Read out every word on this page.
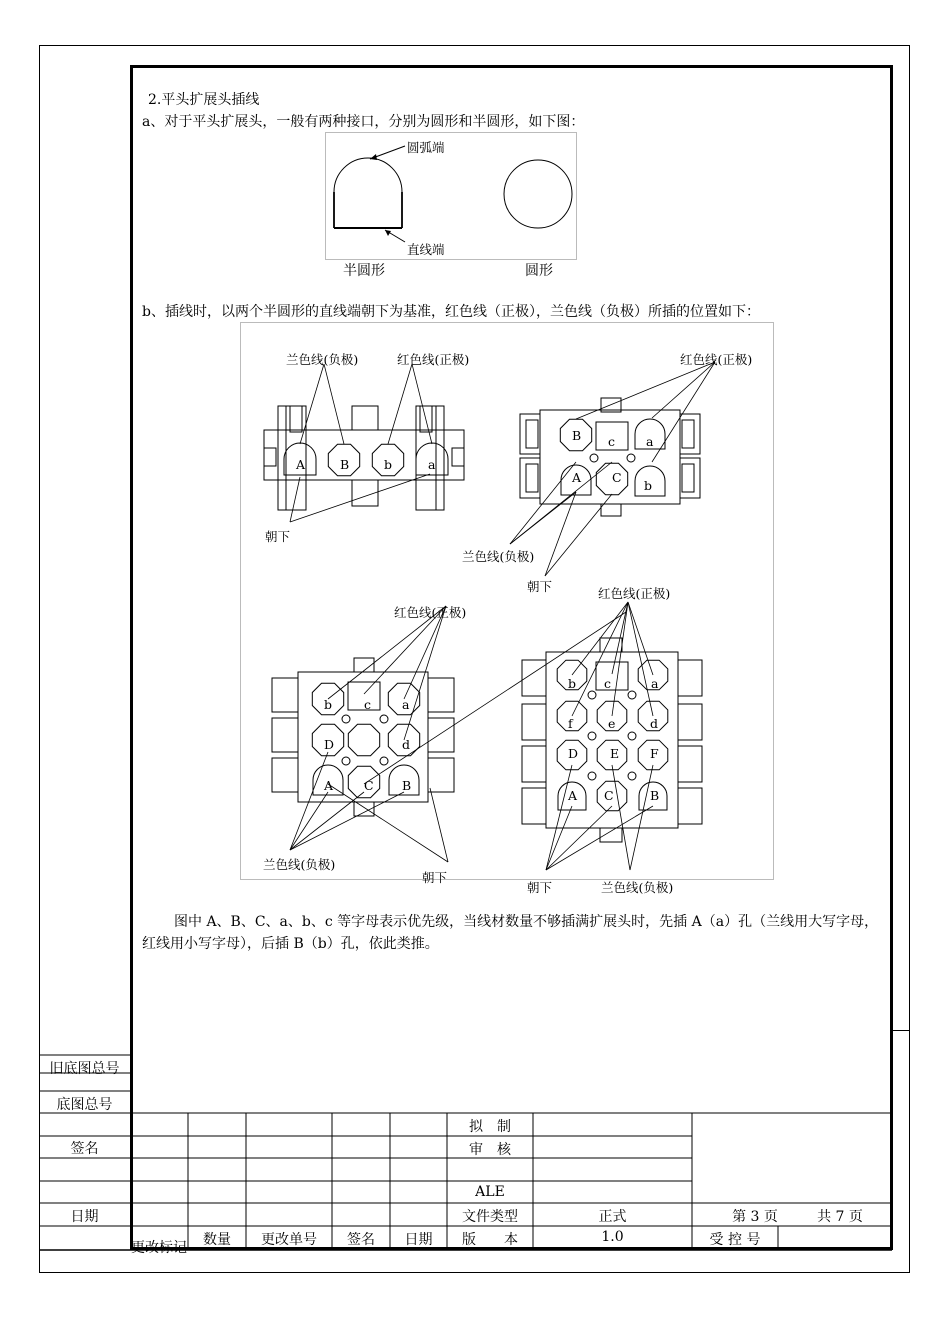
2.平头扩展头插线
a、对于平头扩展头，一般有两种接口，分别为圆形和半圆形，如下图：
b、插线时，以两个半圆形的直线端朝下为基准，红色线（正极），兰色线（负极）所插的位置如下：
图中 A、B、C、a、b、c 等字母表示优先级，当线材数量不够插满扩展头时，先插 A（a）孔（兰线用大写字母，红线用小写字母），后插 B（b）孔，依此类推。
圆弧端
直线端
半圆形	圆形
A	B	b	a
B c a
A C
b
b	c a
D	d
A C B
b c	a
f	e	d
D	E F
A C	B
兰色线(负极)	红色线(正极)	红色线(正极)
朝下
兰色线(负极)
朝下	红色线(正极)
红色线(正极)
兰色线(负极)
朝下
朝下	兰色线(负极)
旧底图总号
底图总号
签名
日期
更改标记	数量	更改单号	签名	日期
拟　制
审　核
ALE
文件类型	正式
版　　本	1.0
第 3 页	共 7 页
受 控 号
